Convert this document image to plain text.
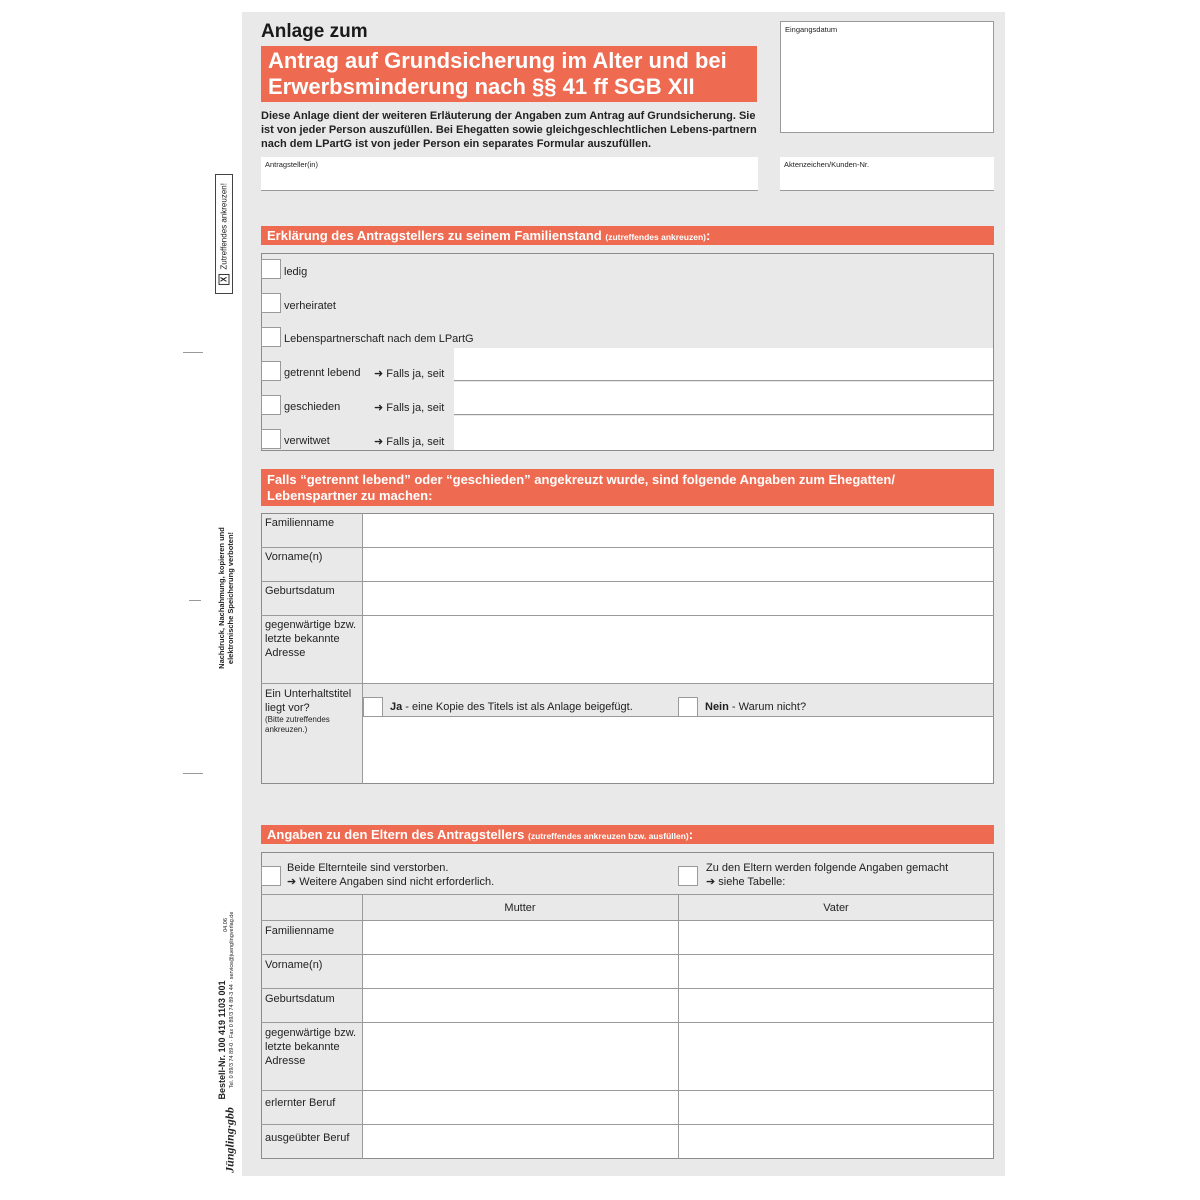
XZutreffendes ankreuzen!
Nachdruck, Nachahmung, kopieren und elektronische Speicherung verboten!
Bestell-Nr. 100 419 1103 001 Tel. 0 89/3 74 89-0 · Fax 0 89/3 74 89-3 44 · service@juenglingverlag.de
04.06
Jüngling·gbb
Anlage zum
Antrag auf Grundsicherung im Alter und bei
Erwerbsminderung nach §§ 41 ff SGB XII
Diese Anlage dient der weiteren Erläuterung der Angaben zum Antrag auf Grundsicherung. Sie ist von jeder Person auszufüllen. Bei Ehegatten sowie gleichgeschlechtlichen Lebens-partnern nach dem LPartG ist von jeder Person ein separates Formular auszufüllen.
Eingangsdatum
Antragsteller(in)	Aktenzeichen/Kunden-Nr.
Erklärung des Antragstellers zu seinem Familienstand (zutreffendes ankreuzen):
ledig
verheiratet
Lebenspartnerschaft nach dem LPartG
getrennt lebend ➜ Falls ja, seit
geschieden	➜ Falls ja, seit
verwitwet	➜ Falls ja, seit
Falls “getrennt lebend” oder “geschieden” angekreuzt wurde, sind folgende Angaben zum Ehegatten/ Lebenspartner zu machen:
Familienname
Vorname(n)
Geburtsdatum
gegenwärtige bzw. letzte bekannte Adresse
Ein Unterhaltstitel liegt vor?
(Bitte zutreffendes ankreuzen.)
Ja - eine Kopie des Titels ist als Anlage beigefügt.	Nein - Warum nicht?
Angaben zu den Eltern des Antragstellers (zutreffendes ankreuzen bzw. ausfüllen):
Beide Elternteile sind verstorben.
➔ Weitere Angaben sind nicht erforderlich.
Zu den Eltern werden folgende Angaben gemacht
➔ siehe Tabelle:
Mutter	Vater
Familienname
Vorname(n)
Geburtsdatum
gegenwärtige bzw. letzte bekannte Adresse
erlernter Beruf
ausgeübter Beruf
